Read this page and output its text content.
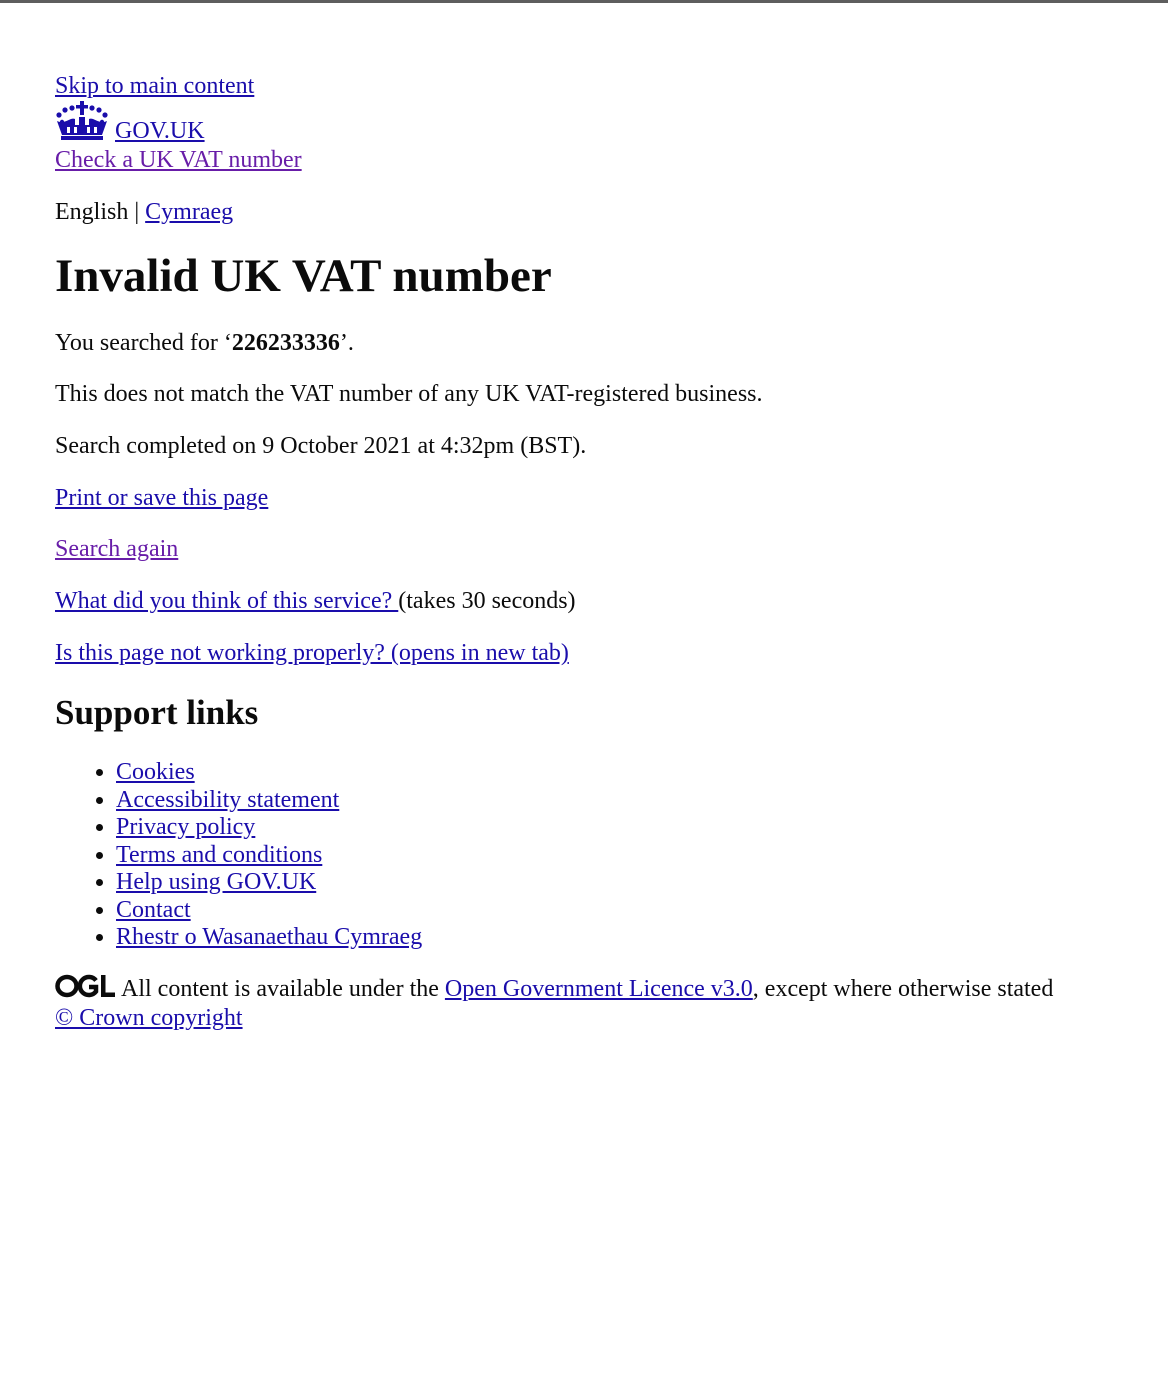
Skip to main content
GOV.UK
Check a UK VAT number
English | Cymraeg
Invalid UK VAT number

You searched for ‘226233336’.

This does not match the VAT number of any UK VAT-registered business.

Search completed on 9 October 2021 at 4:32pm (BST).

Print or save this page

Search again

What did you think of this service? (takes 30 seconds)

Is this page not working properly? (opens in new tab)

Support links
• Cookies
• Accessibility statement
• Privacy policy
• Terms and conditions
• Help using GOV.UK
• Contact
• Rhestr o Wasanaethau Cymraeg
All content is available under the Open Government Licence v3.0, except where otherwise stated
© Crown copyright
